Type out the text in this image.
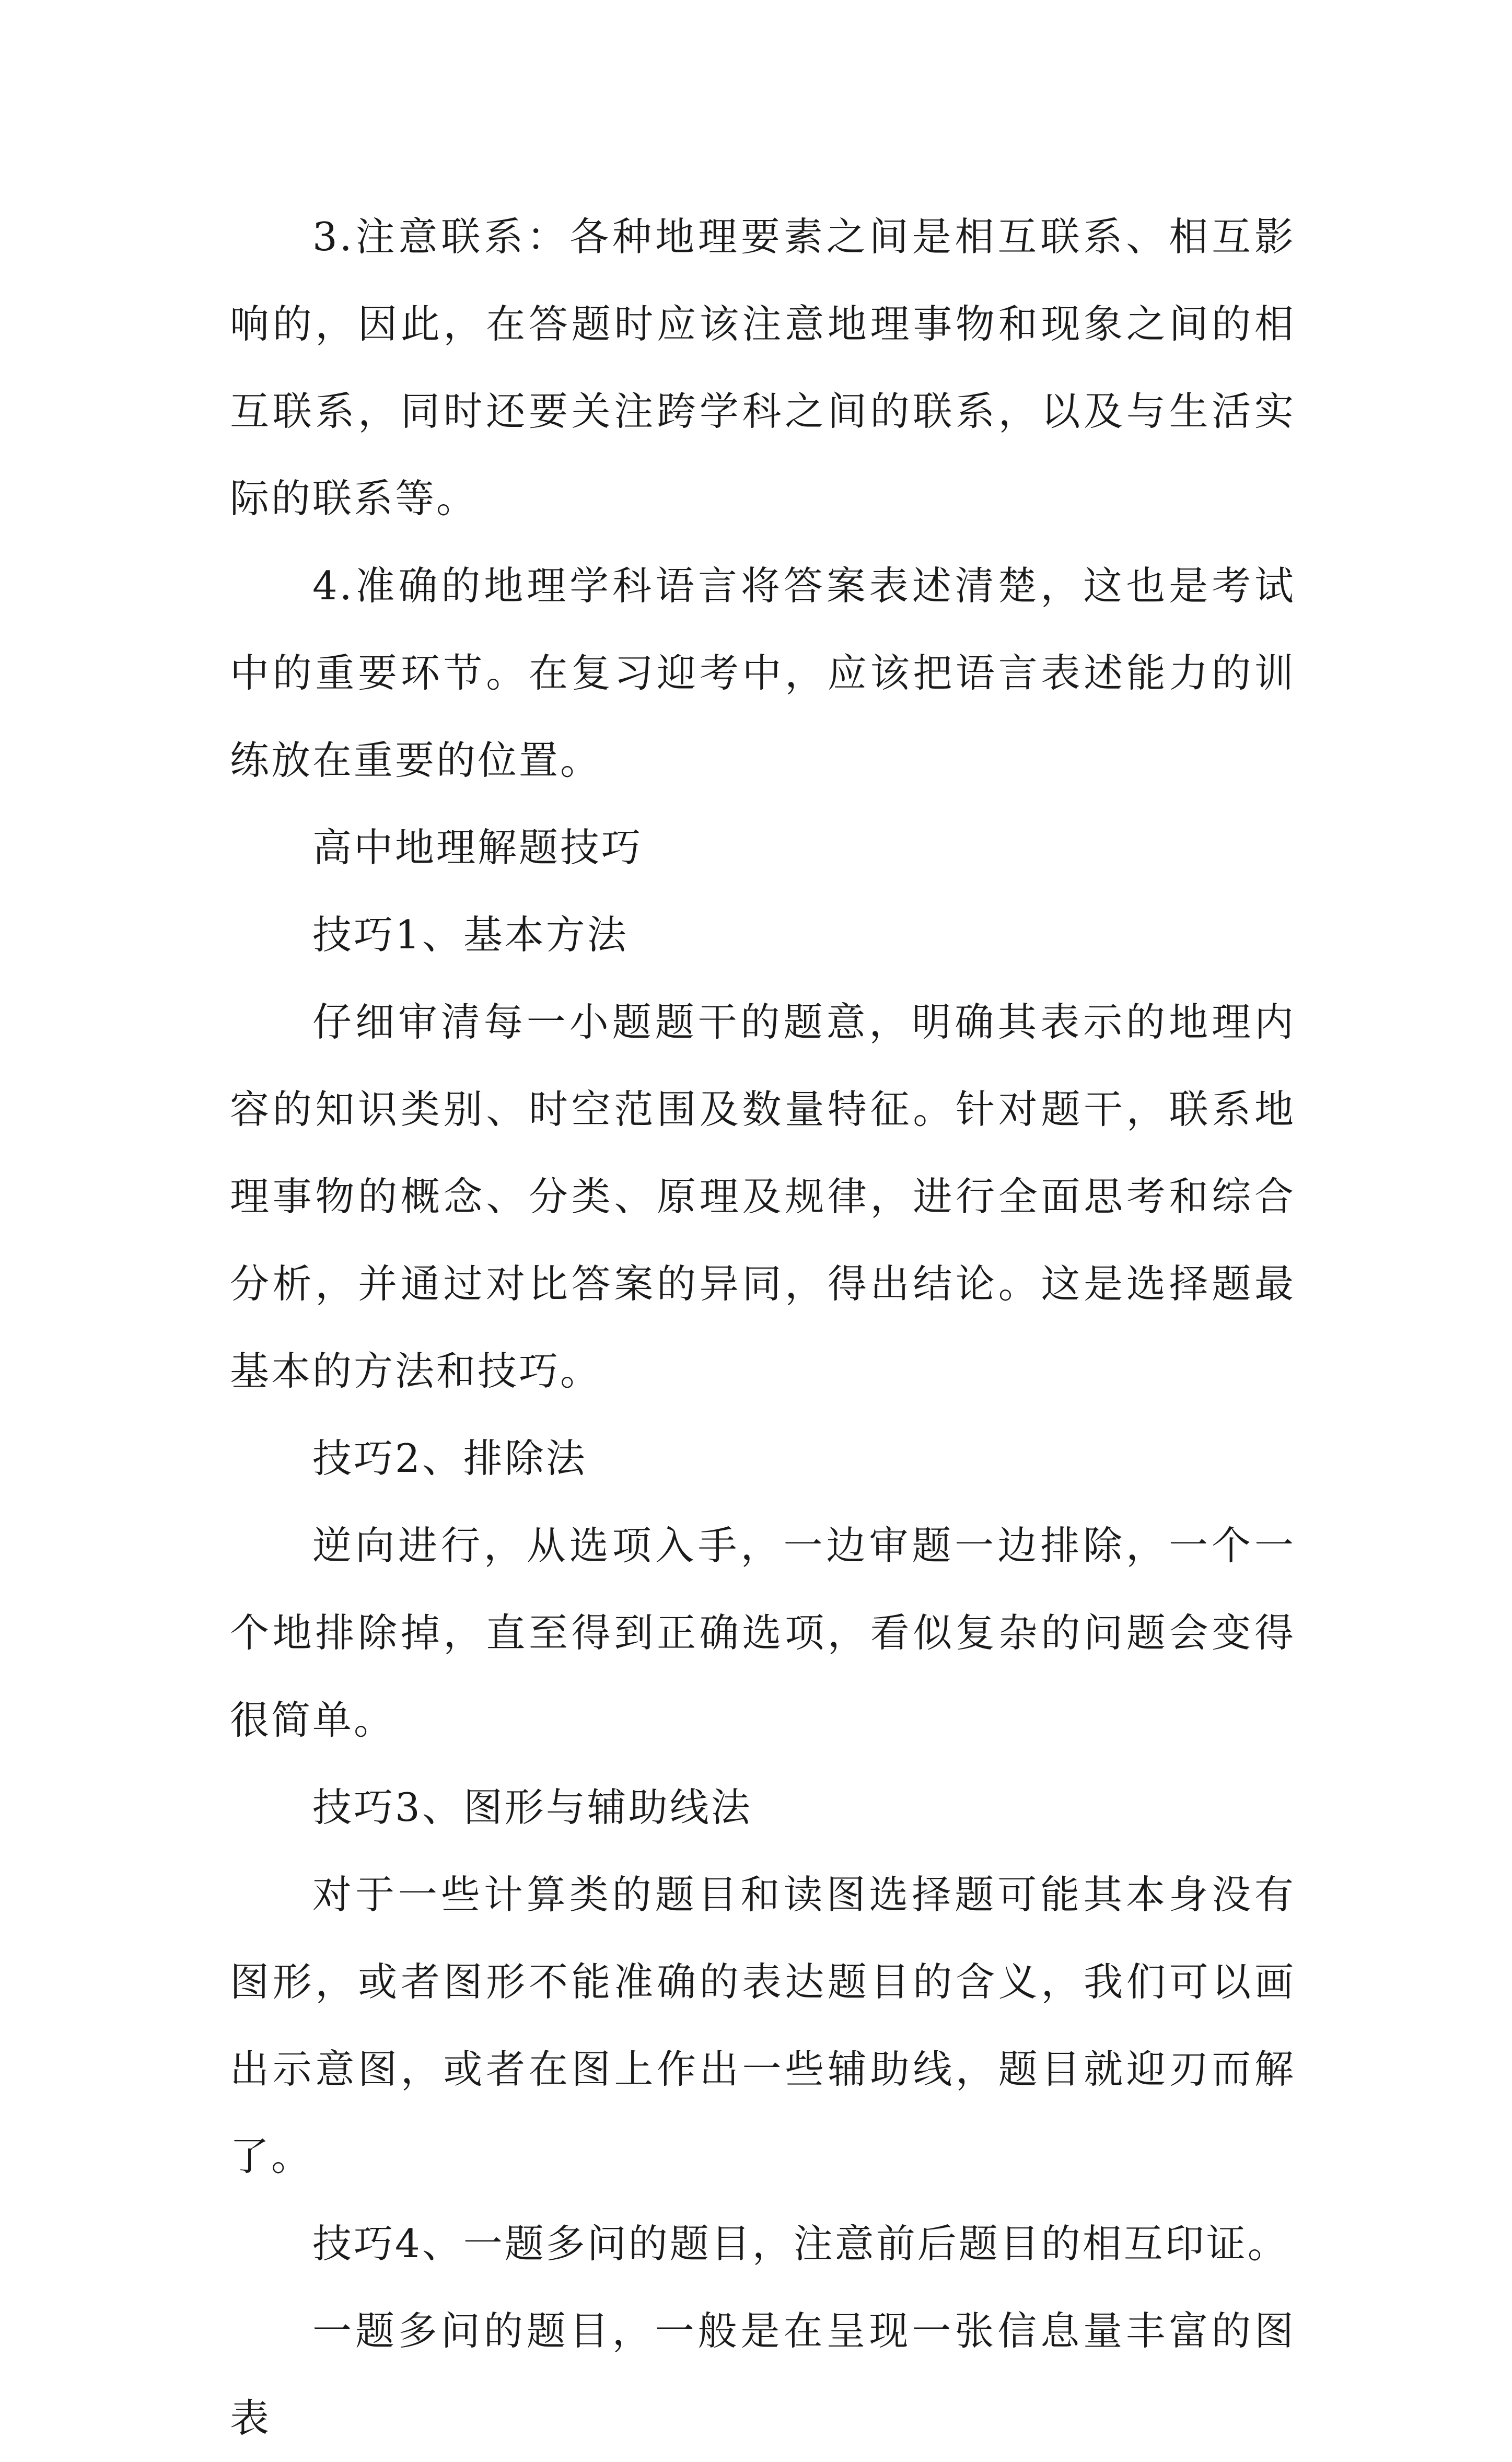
3.注意联系：各种地理要素之间是相互联系、相互影响的，因此，在答题时应该注意地理事物和现象之间的相互联系，同时还要关注跨学科之间的联系，以及与生活实际的联系等。

4.准确的地理学科语言将答案表述清楚，这也是考试中的重要环节。在复习迎考中，应该把语言表述能力的训练放在重要的位置。

高中地理解题技巧

技巧1、基本方法

仔细审清每一小题题干的题意，明确其表示的地理内容的知识类别、时空范围及数量特征。针对题干，联系地理事物的概念、分类、原理及规律，进行全面思考和综合分析，并通过对比答案的异同，得出结论。这是选择题最基本的方法和技巧。

技巧2、排除法

逆向进行，从选项入手，一边审题一边排除，一个一个地排除掉，直至得到正确选项，看似复杂的问题会变得很简单。

技巧3、图形与辅助线法

对于一些计算类的题目和读图选择题可能其本身没有图形，或者图形不能准确的表达题目的含义，我们可以画出示意图，或者在图上作出一些辅助线，题目就迎刃而解了。

技巧4、一题多问的题目，注意前后题目的相互印证。

一题多问的题目，一般是在呈现一张信息量丰富的图表
